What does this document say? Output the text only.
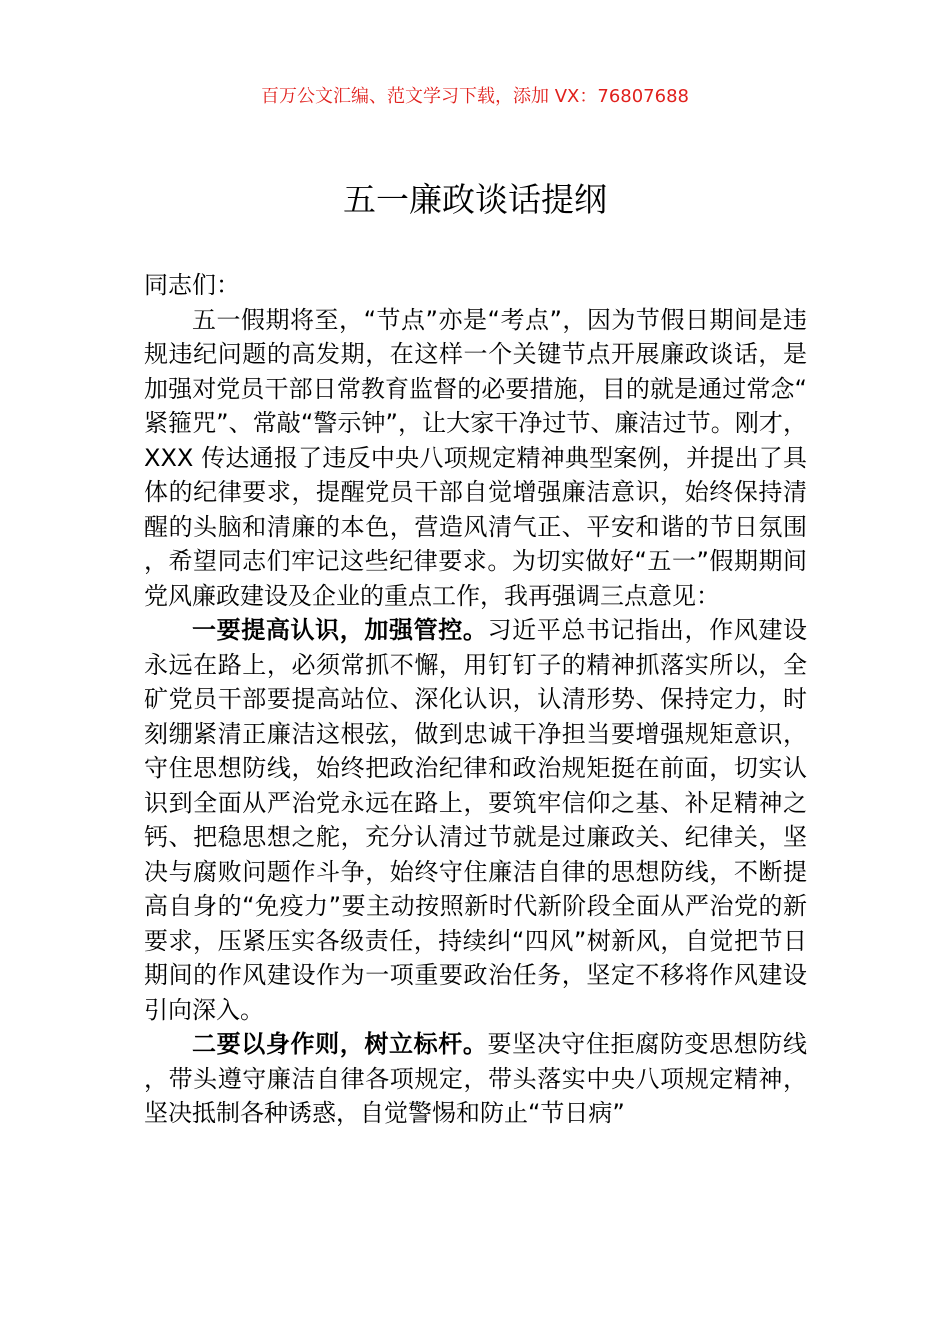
百万公文汇编、范文学习下载，添加 VX：76807688
五一廉政谈话提纲

同志们：

五一假期将至，“节点”亦是“考点”，因为节假日期间是违规违纪问题的高发期，在这样一个关键节点开展廉政谈话，是加强对党员干部日常教育监督的必要措施，目的就是通过常念“紧箍咒”、常敲“警示钟”，让大家干净过节、廉洁过节。刚才，XXX 传达通报了违反中央八项规定精神典型案例，并提出了具体的纪律要求，提醒党员干部自觉增强廉洁意识，始终保持清醒的头脑和清廉的本色，营造风清气正、平安和谐的节日氛围，希望同志们牢记这些纪律要求。为切实做好“五一”假期期间党风廉政建设及企业的重点工作，我再强调三点意见：

一要提高认识，加强管控。习近平总书记指出，作风建设永远在路上，必须常抓不懈，用钉钉子的精神抓落实所以，全矿党员干部要提高站位、深化认识，认清形势、保持定力，时刻绷紧清正廉洁这根弦，做到忠诚干净担当要增强规矩意识，守住思想防线，始终把政治纪律和政治规矩挺在前面，切实认识到全面从严治党永远在路上，要筑牢信仰之基、补足精神之钙、把稳思想之舵，充分认清过节就是过廉政关、纪律关，坚决与腐败问题作斗争，始终守住廉洁自律的思想防线，不断提高自身的“免疫力”要主动按照新时代新阶段全面从严治党的新要求，压紧压实各级责任，持续纠“四风”树新风，自觉把节日期间的作风建设作为一项重要政治任务，坚定不移将作风建设引向深入。

二要以身作则，树立标杆。要坚决守住拒腐防变思想防线，带头遵守廉洁自律各项规定，带头落实中央八项规定精神，坚决抵制各种诱惑，自觉警惕和防止“节日病”
